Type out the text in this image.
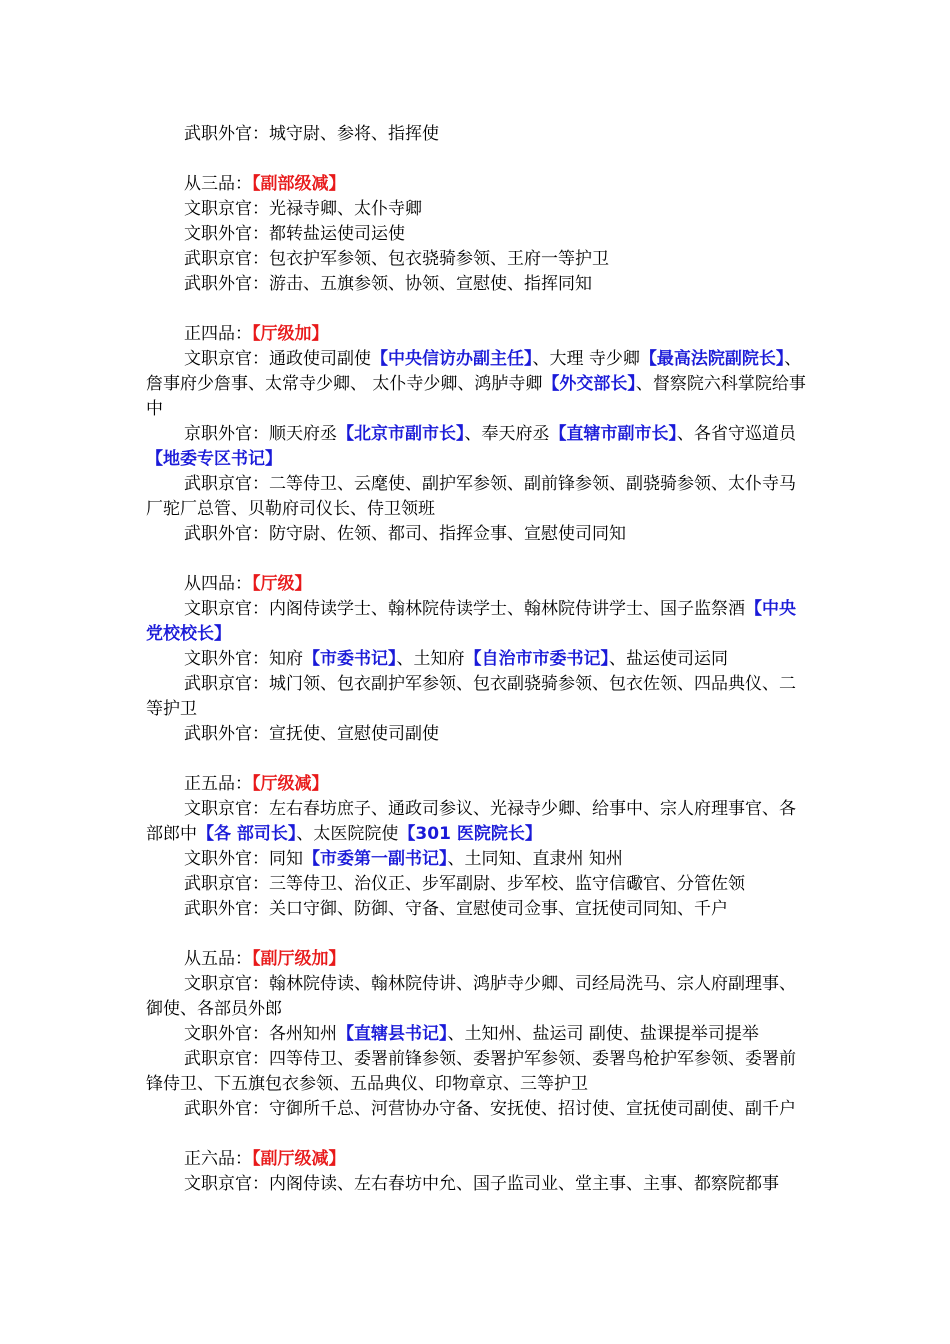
武职外官：城守尉、参将、指挥使

从三品：【副部级减】

文职京官：光禄寺卿、太仆寺卿

文职外官：都转盐运使司运使

武职京官：包衣护军参领、包衣骁骑参领、王府一等护卫

武职外官：游击、五旗参领、协领、宣慰使、指挥同知

正四品：【厅级加】

文职京官：通政使司副使【中央信访办副主任】、大理 寺少卿【最高法院副院长】、詹事府少詹事、太常寺少卿、 太仆寺少卿、鸿胪寺卿【外交部长】、督察院六科掌院给事 中

京职外官：顺天府丞【北京市副市长】、奉天府丞【直辖市副市长】、各省守巡道员【地委专区书记】

武职京官：二等侍卫、云麾使、副护军参领、副前锋参领、副骁骑参领、太仆寺马厂驼厂总管、贝勒府司仪长、侍卫领班

武职外官：防守尉、佐领、都司、指挥佥事、宣慰使司同知

从四品：【厅级】

文职京官：内阁侍读学士、翰林院侍读学士、翰林院侍讲学士、国子监祭酒【中央党校校长】

文职外官：知府【市委书记】、土知府【自治市市委书记】、盐运使司运同

武职京官：城门领、包衣副护军参领、包衣副骁骑参领、包衣佐领、四品典仪、二等护卫

武职外官：宣抚使、宣慰使司副使

正五品：【厅级减】

文职京官：左右春坊庶子、通政司参议、光禄寺少卿、给事中、宗人府理事官、各部郎中【各 部司长】、太医院院使【301 医院院长】

文职外官：同知【市委第一副书记】、土同知、直隶州 知州

武职京官：三等侍卫、治仪正、步军副尉、步军校、监守信礮官、分管佐领

武职外官：关口守御、防御、守备、宣慰使司佥事、宣抚使司同知、千户

从五品：【副厅级加】

文职京官：翰林院侍读、翰林院侍讲、鸿胪寺少卿、司经局洗马、宗人府副理事、御使、各部员外郎

文职外官：各州知州【直辖县书记】、土知州、盐运司 副使、盐课提举司提举

武职京官：四等侍卫、委署前锋参领、委署护军参领、委署鸟枪护军参领、委署前锋侍卫、下五旗包衣参领、五品典仪、印物章京、三等护卫

武职外官：守御所千总、河营协办守备、安抚使、招讨使、宣抚使司副使、副千户

正六品：【副厅级减】

文职京官：内阁侍读、左右春坊中允、国子监司业、堂主事、主事、都察院都事
